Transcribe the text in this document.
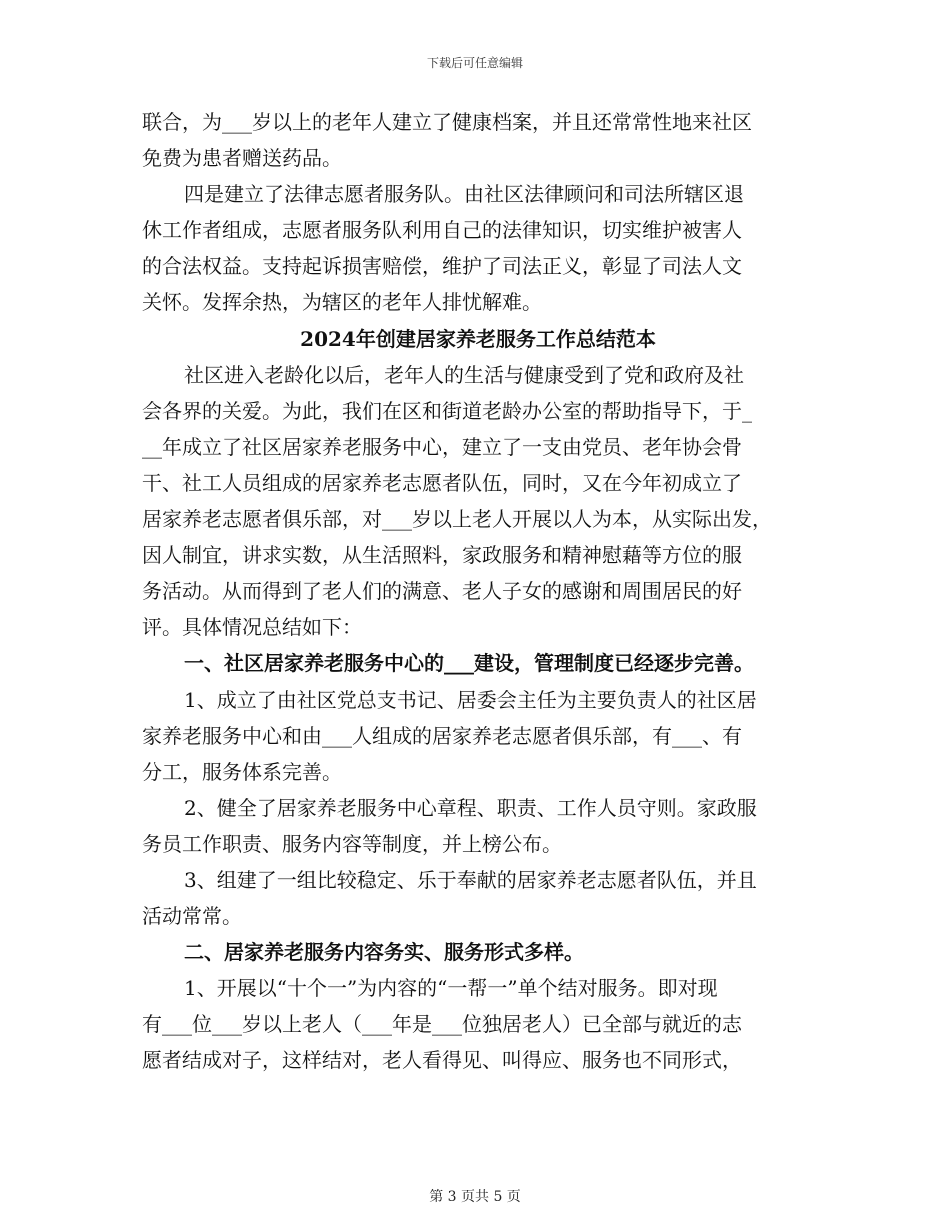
下载后可任意编辑
联合，为___岁以上的老年人建立了健康档案，并且还常常性地来社区
免费为患者赠送药品。
四是建立了法律志愿者服务队。由社区法律顾问和司法所辖区退
休工作者组成，志愿者服务队利用自己的法律知识，切实维护被害人
的合法权益。支持起诉损害赔偿，维护了司法正义，彰显了司法人文
关怀。发挥余热，为辖区的老年人排忧解难。
2024年创建居家养老服务工作总结范本
社区进入老龄化以后，老年人的生活与健康受到了党和政府及社
会各界的关爱。为此，我们在区和街道老龄办公室的帮助指导下，于_
__年成立了社区居家养老服务中心，建立了一支由党员、老年协会骨
干、社工人员组成的居家养老志愿者队伍，同时，又在今年初成立了
居家养老志愿者俱乐部，对___岁以上老人开展以人为本，从实际出发，
因人制宜，讲求实数，从生活照料，家政服务和精神慰藉等方位的服
务活动。从而得到了老人们的满意、老人子女的感谢和周围居民的好
评。具体情况总结如下：
一、社区居家养老服务中心的___建设，管理制度已经逐步完善。
1、成立了由社区党总支书记、居委会主任为主要负责人的社区居
家养老服务中心和由___人组成的居家养老志愿者俱乐部，有___、有
分工，服务体系完善。
2、健全了居家养老服务中心章程、职责、工作人员守则。家政服
务员工作职责、服务内容等制度，并上榜公布。
3、组建了一组比较稳定、乐于奉献的居家养老志愿者队伍，并且
活动常常。
二、居家养老服务内容务实、服务形式多样。
1、开展以“十个一”为内容的“一帮一”单个结对服务。即对现
有___位___岁以上老人（___年是___位独居老人）已全部与就近的志
愿者结成对子，这样结对，老人看得见、叫得应、服务也不同形式，
第 3 页共 5 页
